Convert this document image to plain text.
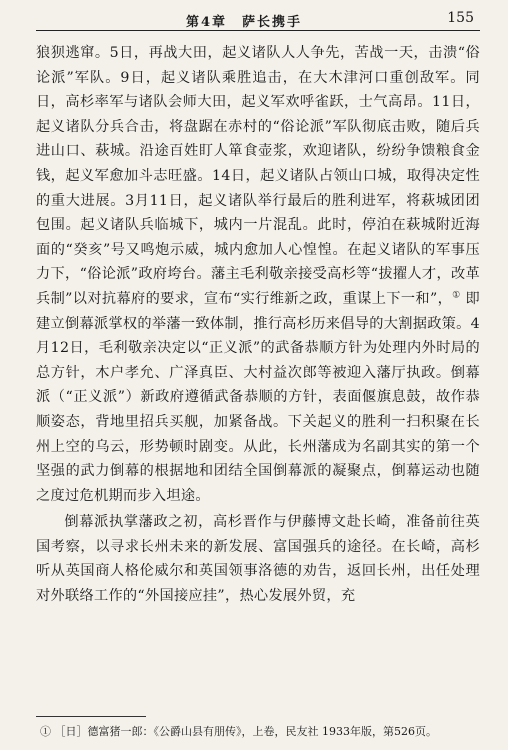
第4章　萨长携手	155

狼狈逃窜。5日，再战大田，起义诸队人人争先，苦战一天，击溃“俗论派”军队。9日，起义诸队乘胜追击，在大木津河口重创敌军。同日，高杉率军与诸队会师大田，起义军欢呼雀跃，士气高昂。11日，起义诸队分兵合击，将盘踞在赤村的“俗论派”军队彻底击败，随后兵进山口、萩城。沿途百姓盯人箪食壶浆，欢迎诸队，纷纷争馈粮食金钱，起义军愈加斗志旺盛。14日，起义诸队占领山口城，取得决定性的重大进展。3月11日，起义诸队举行最后的胜利进军，将萩城团团包围。起义诸队兵临城下，城内一片混乱。此时，停泊在萩城附近海面的“癸亥”号又鸣炮示威，城内愈加人心惶惶。在起义诸队的军事压力下，“俗论派”政府垮台。藩主毛利敬亲接受高杉等“拔擢人才，改革兵制”以对抗幕府的要求，宣布“实行维新之政，重谋上下一和”，① 即建立倒幕派掌权的举藩一致体制，推行高杉历来倡导的大割据政策。4月12日，毛利敬亲决定以“正义派”的武备恭顺方针为处理内外时局的总方针，木户孝允、广泽真臣、大村益次郎等被迎入藩厅执政。倒幕派（“正义派”）新政府遵循武备恭顺的方针，表面偃旗息鼓，故作恭顺姿态，背地里招兵买舰，加紧备战。下关起义的胜利一扫积聚在长州上空的乌云，形势顿时剧变。从此，长州藩成为名副其实的第一个坚强的武力倒幕的根据地和团结全国倒幕派的凝聚点，倒幕运动也随之度过危机期而步入坦途。

倒幕派执掌藩政之初，高杉晋作与伊藤博文赴长崎，准备前往英国考察，以寻求长州未来的新发展、富国强兵的途径。在长崎，高杉听从英国商人格伦威尔和英国领事洛德的劝告，返回长州，出任处理对外联络工作的“外国接应挂”，热心发展外贸，充

① ［日］德富猪一郎：《公爵山县有朋传》，上卷，民友社 1933年版，第526页。
